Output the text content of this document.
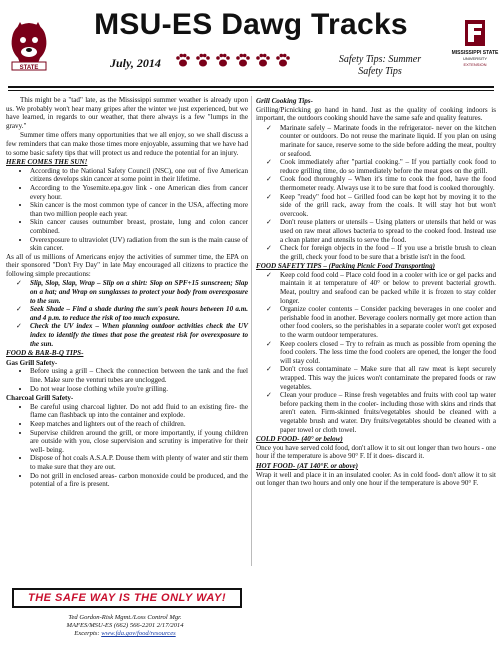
STATE
MSU-ES Dawg Tracks
MISSISSIPPI STATE
UNIVERSITY
EXTENSION
July, 2014	Safety Tips: Summer
Safety Tips

This might be a "tad" late, as the Mississippi summer weather is already upon us. We probably won't hear many gripes after the winter we just experienced, but we have learned, in regards to our weather, that there always is a few "lumps in the gravy."

Summer time offers many opportunities that we all enjoy, so we shall discuss a few reminders that can make those times more enjoyable, assuming that we have had to some basic safety tips that will protect us and reduce the potential for an injury.

HERE COMES THE SUN!
• According to the National Safety Council (NSC), one out of five American citizens develops skin cancer at some point in their lifetime.
• According to the Yosemite.epa.gov link - one American dies from cancer every hour.
• Skin cancer is the most common type of cancer in the USA, affecting more than two million people each year.
• Skin cancer causes outnumber breast, prostate, lung and colon cancer combined.
• Overexposure to ultraviolet (UV) radiation from the sun is the main cause of skin cancer.

As all of us millions of Americans enjoy the activities of summer time, the EPA on their sponsored "Don't Fry Day" in late May encouraged all citizens to practice the following simple precautions:

✓ Slip, Slop, Slap, Wrap – Slip on a shirt: Slop on SPF+15 sunscreen; Slap on a hat; and Wrap on sunglasses to protect your body from overexposure to the sun.
✓ Seek Shade – Find a shade during the sun's peak hours between 10 a.m. and 4 p.m. to reduce the risk of too much exposure.
✓ Check the UV index – When planning outdoor activities check the UV index to identify the times that pose the greatest risk for overexposure to the sun.
FOOD & BAR-B-Q TIPS-
Gas Grill Safety-
• Before using a grill – Check the connection between the tank and the fuel line. Make sure the venturi tubes are unclogged.
• Do not wear loose clothing while you're grilling.
Charcoal Grill Safety-
• Be careful using charcoal lighter. Do not add fluid to an existing fire- the flame can flashback up into the container and explode.
• Keep matches and lighters out of the reach of children.
• Supervise children around the grill, or more importantly, if young children are outside with you, close supervision and scrutiny is imperative for their well- being.
• Dispose of hot coals A.S.A.P. Douse them with plenty of water and stir them to make sure that they are out.
• Do not grill in enclosed areas- carbon monoxide could be produced, and the potential of a fire is present.
Grill Cooking Tips-

Grilling/Picnicking go hand in hand. Just as the quality of cooking indoors is important, the outdoors cooking should have the same safe and quality features.

✓ Marinate safely – Marinate foods in the refrigerator- never on the kitchen counter or outdoors. Do not reuse the marinate liquid. If you plan on using marinate for sauce, reserve some to the side before adding the meat, poultry or seafood.
✓ Cook immediately after "partial cooking." – If you partially cook food to reduce grilling time, do so immediately before the meat goes on the grill.
✓ Cook food thoroughly – When it's time to cook the food, have the food thermometer ready. Always use it to be sure that food is cooked thoroughly.
✓ Keep "ready" food hot – Grilled food can be kept hot by moving it to the side of the grill rack, away from the coals. It will stay hot but won't overcook.
✓ Don't reuse platters or utensils – Using platters or utensils that held or was used on raw meat allows bacteria to spread to the cooked food. Instead use a clean platter and utensils to serve the food.
✓ Check for foreign objects in the food – If you use a bristle brush to clean the grill, check your food to be sure that a bristle isn't in the food.
FOOD SAFETY TIPS – (Packing Picnic Food Transporting)
✓ Keep cold food cold – Place cold food in a cooler with ice or gel packs and maintain it at temperature of 40° or below to prevent bacterial growth. Meat, poultry and seafood can be packed while it is frozen to stay colder longer.
✓ Organize cooler contents – Consider packing beverages in one cooler and perishable food in another. Beverage coolers normally get more action than other food coolers, so the perishables in a separate cooler won't get exposed to the warm outdoor temperatures.
✓ Keep coolers closed – Try to refrain as much as possible from opening the food coolers. The less time the food coolers are opened, the longer the food will stay cold.
✓ Don't cross contaminate – Make sure that all raw meat is kept securely wrapped. This way the juices won't contaminate the prepared foods or raw vegetables.
✓ Clean your produce – Rinse fresh vegetables and fruits with cool tap water before packing them in the cooler- including those with skins and rinds that aren't eaten. Firm-skinned fruits/vegetables should be cleaned with a vegetable brush and water. Dry fruits/vegetables should be cleaned with a paper towel or cloth towel.
COLD FOOD- (40° or below)

Once you have served cold food, don't allow it to sit out longer than two hours - one hour if the temperature is above 90° F. If it does- discard it.

HOT FOOD- (AT 140°F. or above)

Wrap it well and place it in an insulated cooler. As in cold food- don't allow it to sit out longer than two hours and only one hour if the temperature is above 90° F.

THE SAFE WAY IS THE ONLY WAY!
Ted Gordon-Risk Mgmt./Loss Control Mgr.
MAFES/MSU-ES (662) 566-2201 2/17/2014
Excerpts: www.fda.gov/food/resources
